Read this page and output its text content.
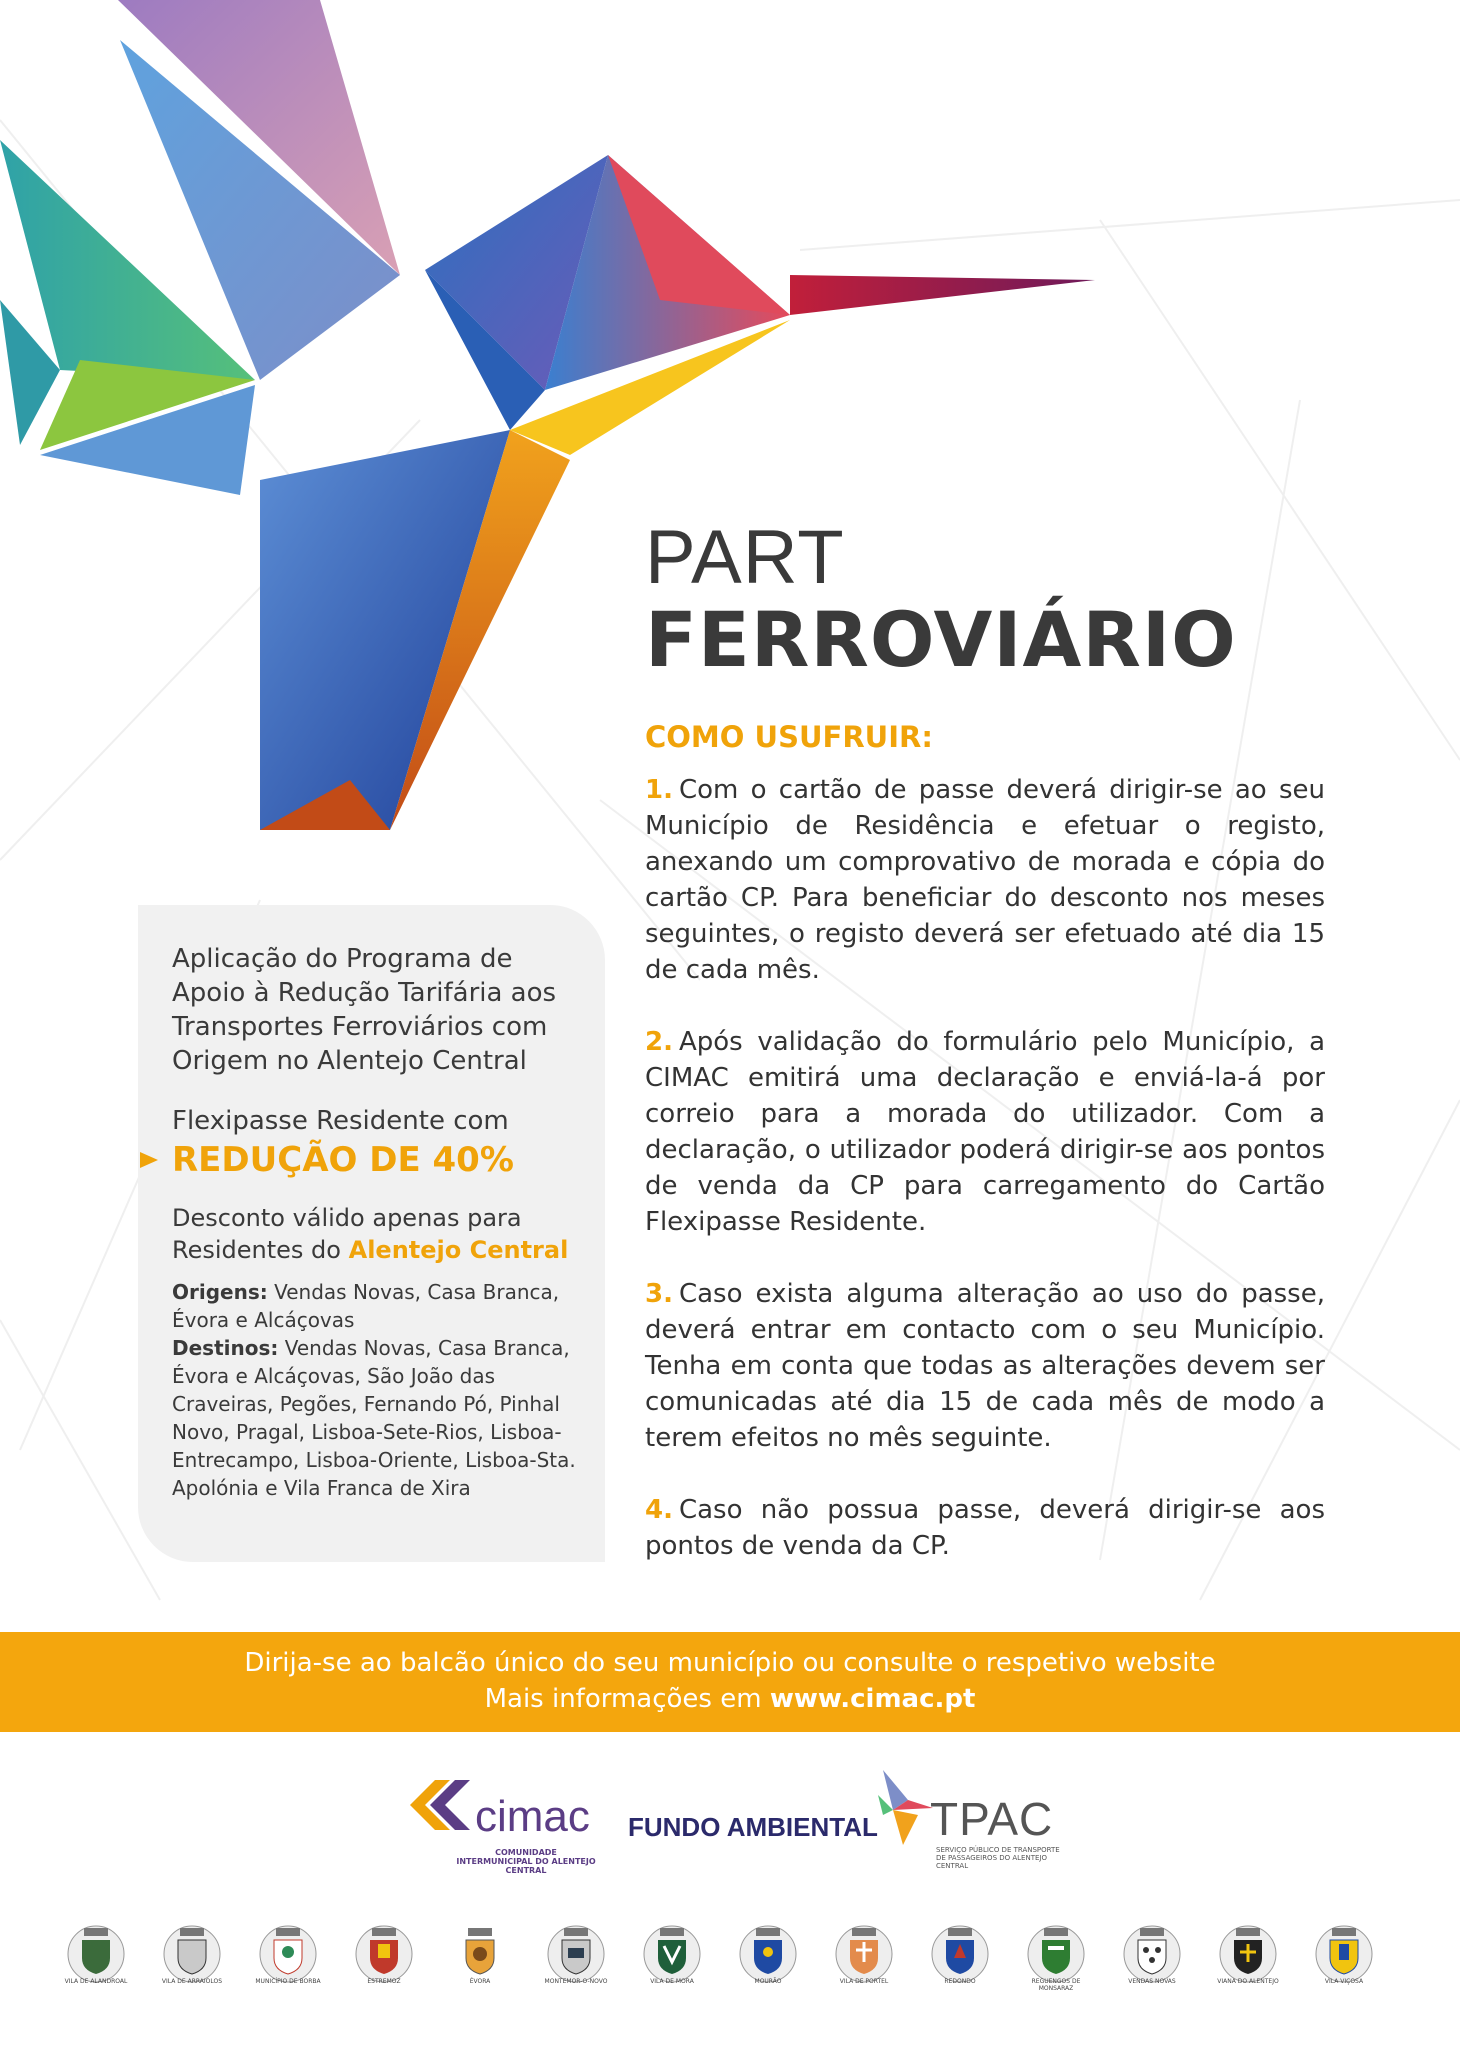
PART
FERROVIÁRIO
COMO USUFRUIR:
1. Com o cartão de passe deverá dirigir-se ao seu Município de Residência e efetuar o registo, anexando um comprovativo de morada e cópia do cartão CP. Para beneficiar do desconto nos meses seguintes, o registo deverá ser efetuado até dia 15 de cada mês.
2. Após validação do formulário pelo Município, a CIMAC emitirá uma declaração e enviá-la-á por correio para a morada do utilizador. Com a declaração, o utilizador poderá dirigir-se aos pontos de venda da CP para carregamento do Cartão Flexipasse Residente.
3. Caso exista alguma alteração ao uso do passe, deverá entrar em contacto com o seu Município. Tenha em conta que todas as alterações devem ser comunicadas até dia 15 de cada mês de modo a terem efeitos no mês seguinte.
4. Caso não possua passe, deverá dirigir-se aos pontos de venda da CP.
Aplicação do Programa de Apoio à Redução Tarifária aos Transportes Ferroviários com Origem no Alentejo Central
Flexipasse Residente com
REDUÇÃO DE 40%
Desconto válido apenas para Residentes do Alentejo Central
Origens: Vendas Novas, Casa Branca, Évora e Alcáçovas
Destinos: Vendas Novas, Casa Branca, Évora e Alcáçovas, São João das Craveiras, Pegões, Fernando Pó, Pinhal Novo, Pragal, Lisboa-Sete-Rios, Lisboa-Entrecampo, Lisboa-Oriente, Lisboa-Sta. Apolónia e Vila Franca de Xira
Dirija-se ao balcão único do seu município ou consulte o respetivo website
Mais informações em www.cimac.pt
cimac
COMUNIDADE INTERMUNICIPAL DO ALENTEJO CENTRAL
FUNDO AMBIENTAL TPAC
SERVIÇO PÚBLICO DE TRANSPORTE DE PASSAGEIROS DO ALENTEJO CENTRAL
VILA DE ALANDROAL	VILA DE ARRAIOLOS	MUNICÍPIO DE BORBA	ESTREMOZ	ÉVORA	MONTEMOR-O-NOVO	VILA DE MORA	MOURÃO	VILA DE PORTEL	REDONDO	REGUENGOS DE MONSARAZ
VENDAS NOVAS	VIANA DO ALENTEJO	VILA VIÇOSA
